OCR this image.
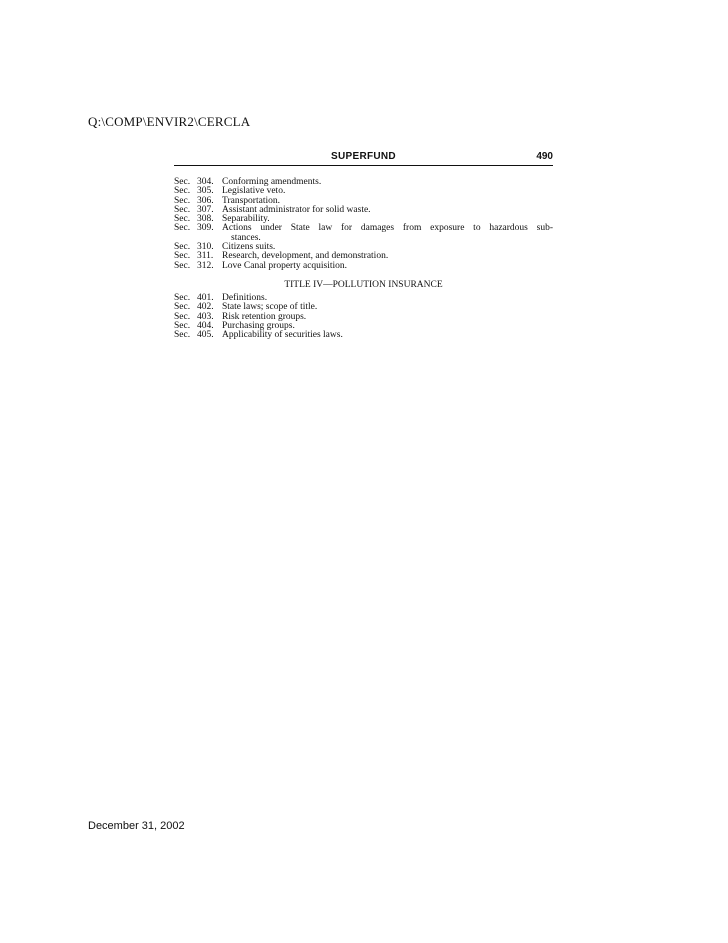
Q:\COMP\ENVIR2\CERCLA
SUPERFUND	490
Sec. 304. Conforming amendments.
Sec. 305. Legislative veto.
Sec. 306. Transportation.
Sec. 307. Assistant administrator for solid waste.
Sec. 308. Separability.
Sec. 309. Actions under State law for damages from exposure to hazardous sub-
stances.
Sec. 310. Citizens suits.
Sec. 311. Research, development, and demonstration.
Sec. 312. Love Canal property acquisition.
TITLE IV—POLLUTION INSURANCE
Sec. 401. Definitions.
Sec. 402. State laws; scope of title.
Sec. 403. Risk retention groups.
Sec. 404. Purchasing groups.
Sec. 405. Applicability of securities laws.
December 31, 2002
